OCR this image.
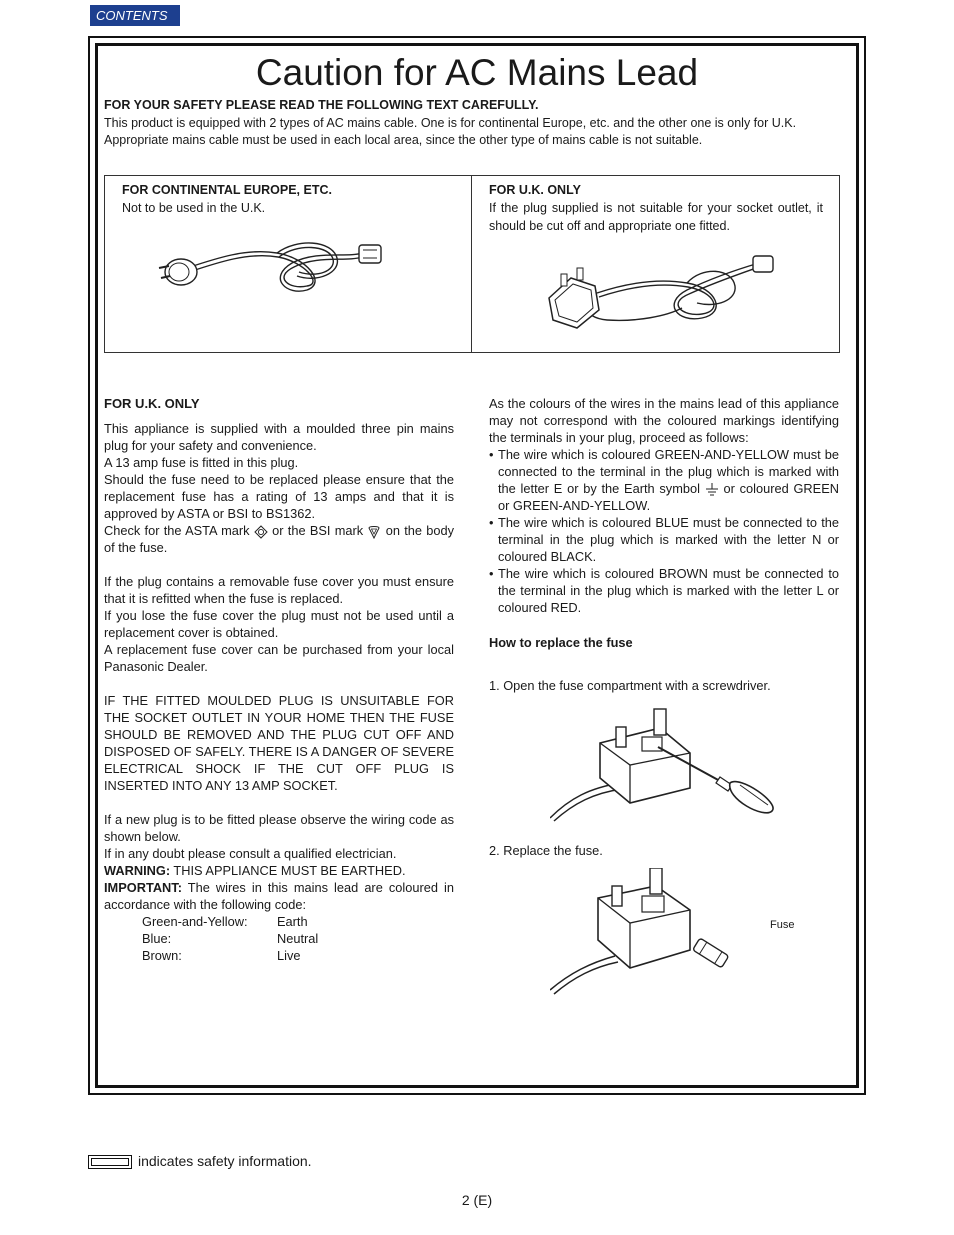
CONTENTS
Caution for AC Mains Lead
FOR YOUR SAFETY PLEASE READ THE FOLLOWING TEXT CAREFULLY.

This product is equipped with 2 types of AC mains cable. One is for continental Europe, etc. and the other one is only for U.K.

Appropriate mains cable must be used in each local area, since the other type of mains cable is not suitable.

FOR CONTINENTAL EUROPE, ETC.
Not to be used in the U.K.
FOR U.K. ONLY
If the plug supplied is not suitable for your socket outlet, it should be cut off and appropriate one fitted.
FOR U.K. ONLY

This appliance is supplied with a moulded three pin mains plug for your safety and convenience.

A 13 amp fuse is fitted in this plug.

Should the fuse need to be replaced please ensure that the replacement fuse has a rating of 13 amps and that it is approved by ASTA or BSI to BS1362.

Check for the ASTA mark or the BSI mark on the body of the fuse.

If the plug contains a removable fuse cover you must ensure that it is refitted when the fuse is replaced.

If you lose the fuse cover the plug must not be used until a replacement cover is obtained.

A replacement fuse cover can be purchased from your local Panasonic Dealer.

IF THE FITTED MOULDED PLUG IS UNSUITABLE FOR THE SOCKET OUTLET IN YOUR HOME THEN THE FUSE SHOULD BE REMOVED AND THE PLUG CUT OFF AND DISPOSED OF SAFELY. THERE IS A DANGER OF SEVERE ELECTRICAL SHOCK IF THE CUT OFF PLUG IS INSERTED INTO ANY 13 AMP SOCKET.

If a new plug is to be fitted please observe the wiring code as shown below.

If in any doubt please consult a qualified electrician.

WARNING: THIS APPLIANCE MUST BE EARTHED.

IMPORTANT: The wires in this mains lead are coloured in accordance with the following code:

Green-and-Yellow:	Earth
Blue:	Neutral
Brown:	Live

As the colours of the wires in the mains lead of this appliance may not correspond with the coloured markings identifying the terminals in your plug, proceed as follows:

• The wire which is coloured GREEN-AND-YELLOW must be connected to the terminal in the plug which is marked with the letter E or by the Earth symbol or coloured GREEN or GREEN-AND-YELLOW.
• The wire which is coloured BLUE must be connected to the terminal in the plug which is marked with the letter N or coloured BLACK.
• The wire which is coloured BROWN must be connected to the terminal in the plug which is marked with the letter L or coloured RED.

How to replace the fuse

1. Open the fuse compartment with a screwdriver.
2. Replace the fuse.
Fuse
indicates safety information.
2 (E)
